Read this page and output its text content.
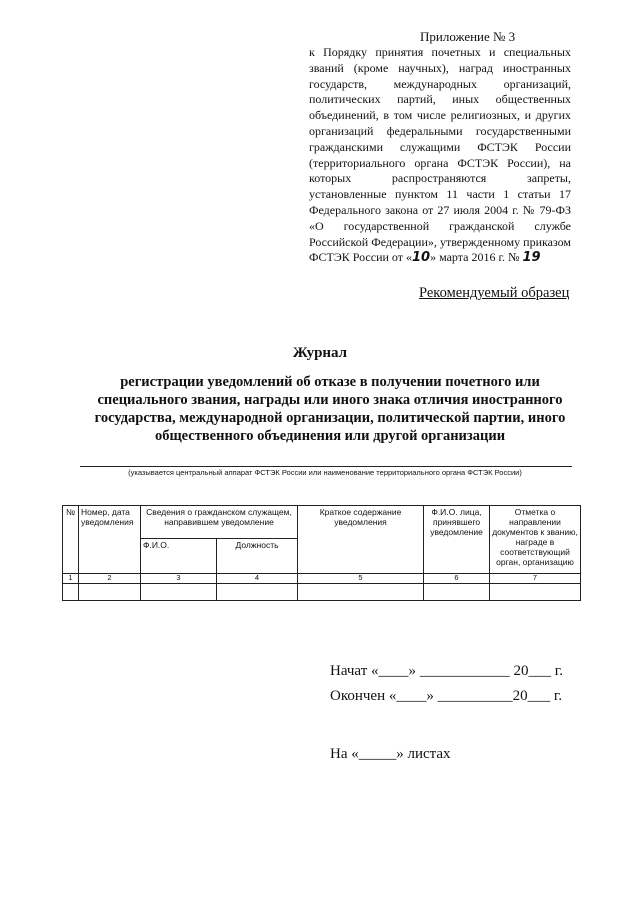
Приложение № 3
к Порядку принятия почетных и специальных званий (кроме научных), наград иностранных государств, международных организаций, политических партий, иных общественных объединений, в том числе религиозных, и других организаций федеральными государственными гражданскими служащими ФСТЭК России (территориального органа ФСТЭК России), на которых распространяются запреты, установленные пунктом 11 части 1 статьи 17 Федерального закона от 27 июля 2004 г. № 79-ФЗ «О государственной гражданской службе Российской Федерации», утвержденному приказом ФСТЭК России от «10» марта 2016 г. № 19
Рекомендуемый образец
Журнал
регистрации уведомлений об отказе в получении почетного или специального звания, награды или иного знака отличия иностранного государства, международной организации, политической партии, иного общественного объединения или другой организации
(указывается центральный аппарат ФСТЭК России или наименование территориального органа ФСТЭК России)
№	Номер, дата уведомления	Сведения о гражданском служащем, направившем уведомление		Краткое содержание уведомления	Ф.И.О. лица, принявшего уведомление	Отметка о направлении документов к званию, награде в соответствующий орган, организацию
		Ф.И.О.	Должность			
1	2	3	4	5	6	7

Начат «____» ____________ 20___ г.
Окончен «____» __________20___ г.
На «_____» листах
